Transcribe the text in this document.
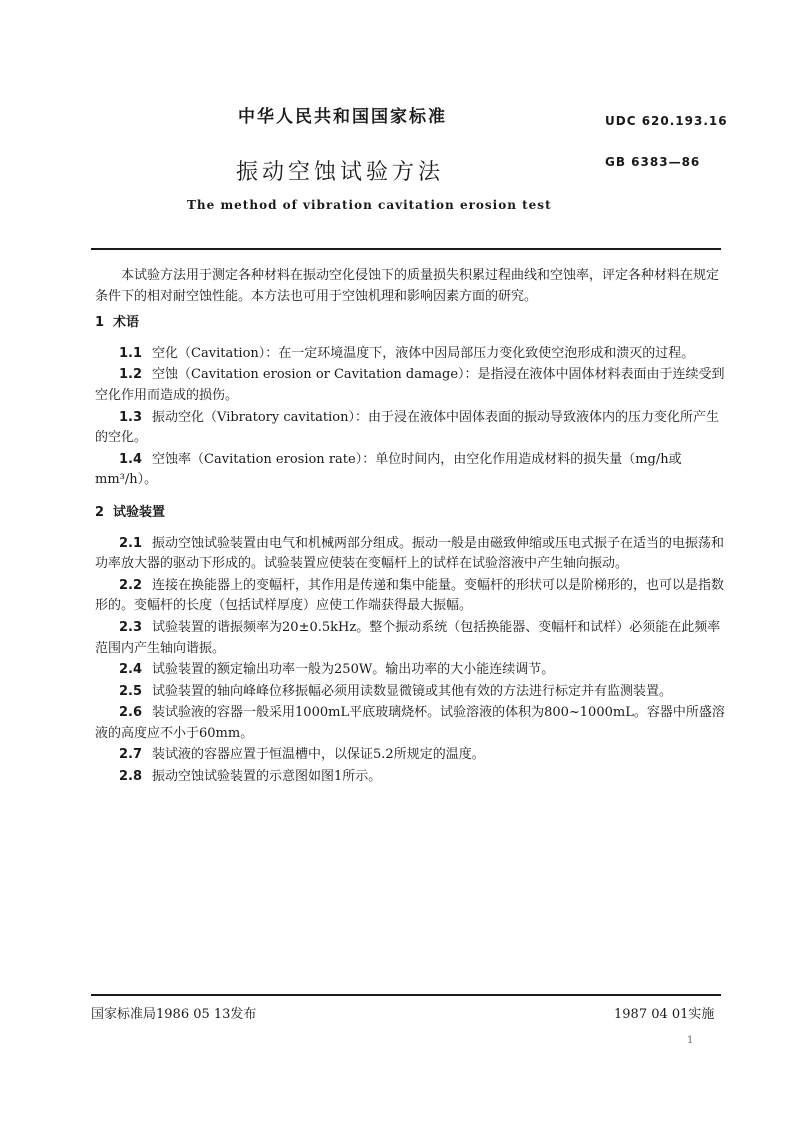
中华人民共和国国家标准	UDC 620.193.16
振动空蚀试验方法	GB 6383—86
The method of vibration cavitation erosion test

本试验方法用于测定各种材料在振动空化侵蚀下的质量损失积累过程曲线和空蚀率，评定各种材料在规定条件下的相对耐空蚀性能。本方法也可用于空蚀机理和影响因素方面的研究。

1 术语

1.1 空化（Cavitation）：在一定环境温度下，液体中因局部压力变化致使空泡形成和溃灭的过程。

1.2 空蚀（Cavitation erosion or Cavitation damage）：是指浸在液体中固体材料表面由于连续受到空化作用而造成的损伤。

1.3 振动空化（Vibratory cavitation）：由于浸在液体中固体表面的振动导致液体内的压力变化所产生的空化。

1.4 空蚀率（Cavitation erosion rate）：单位时间内，由空化作用造成材料的损失量（mg/h或mm³/h）。

2 试验装置

2.1 振动空蚀试验装置由电气和机械两部分组成。振动一般是由磁致伸缩或压电式振子在适当的电振荡和功率放大器的驱动下形成的。试验装置应使装在变幅杆上的试样在试验溶液中产生轴向振动。

2.2 连接在换能器上的变幅杆，其作用是传递和集中能量。变幅杆的形状可以是阶梯形的，也可以是指数形的。变幅杆的长度（包括试样厚度）应使工作端获得最大振幅。

2.3 试验装置的谐振频率为20±0.5kHz。整个振动系统（包括换能器、变幅杆和试样）必须能在此频率范围内产生轴向谐振。

2.4 试验装置的额定输出功率一般为250W。输出功率的大小能连续调节。

2.5 试验装置的轴向峰峰位移振幅必须用读数显微镜或其他有效的方法进行标定并有监测装置。

2.6 装试验液的容器一般采用1000mL平底玻璃烧杯。试验溶液的体积为800~1000mL。容器中所盛溶液的高度应不小于60mm。

2.7 装试液的容器应置于恒温槽中，以保证5.2所规定的温度。

2.8 振动空蚀试验装置的示意图如图1所示。

国家标准局1986 05 13发布	1987 04 01实施
1
